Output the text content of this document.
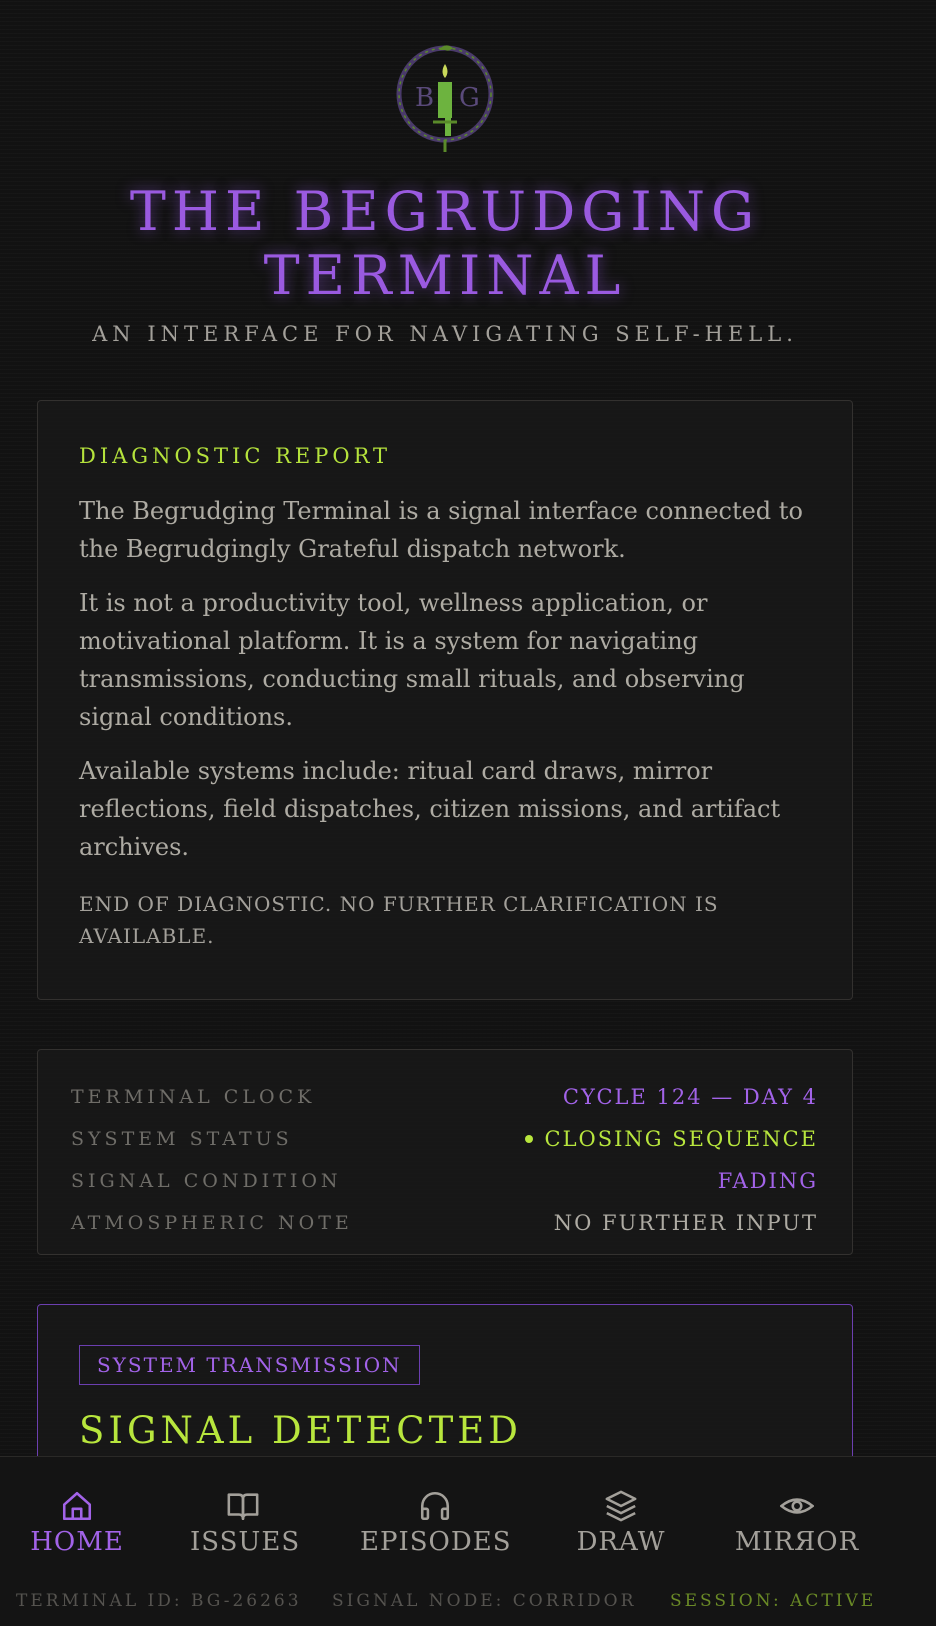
B G
THE BEGRUDGING
TERMINAL
AN INTERFACE FOR NAVIGATING SELF-HELL.
DIAGNOSTIC REPORT

The Begrudging Terminal is a signal interface connected to the Begrudgingly Grateful dispatch network.

It is not a productivity tool, wellness application, or motivational platform. It is a system for navigating transmissions, conducting small rituals, and observing signal conditions.

Available systems include: ritual card draws, mirror reflections, field dispatches, citizen missions, and artifact archives.

END OF DIAGNOSTIC. NO FURTHER CLARIFICATION IS AVAILABLE.
TERMINAL CLOCK	CYCLE 124 — DAY 4
SYSTEM STATUS	CLOSING SEQUENCE
SIGNAL CONDITION	FADING
ATMOSPHERIC NOTE	NO FURTHER INPUT
SYSTEM TRANSMISSION
SIGNAL DETECTED
HOME	ISSUES EPISODES	DRAW	MIRЯOR
TERMINAL ID: BG-26263 SIGNAL NODE: CORRIDOR SESSION: ACTIVE
